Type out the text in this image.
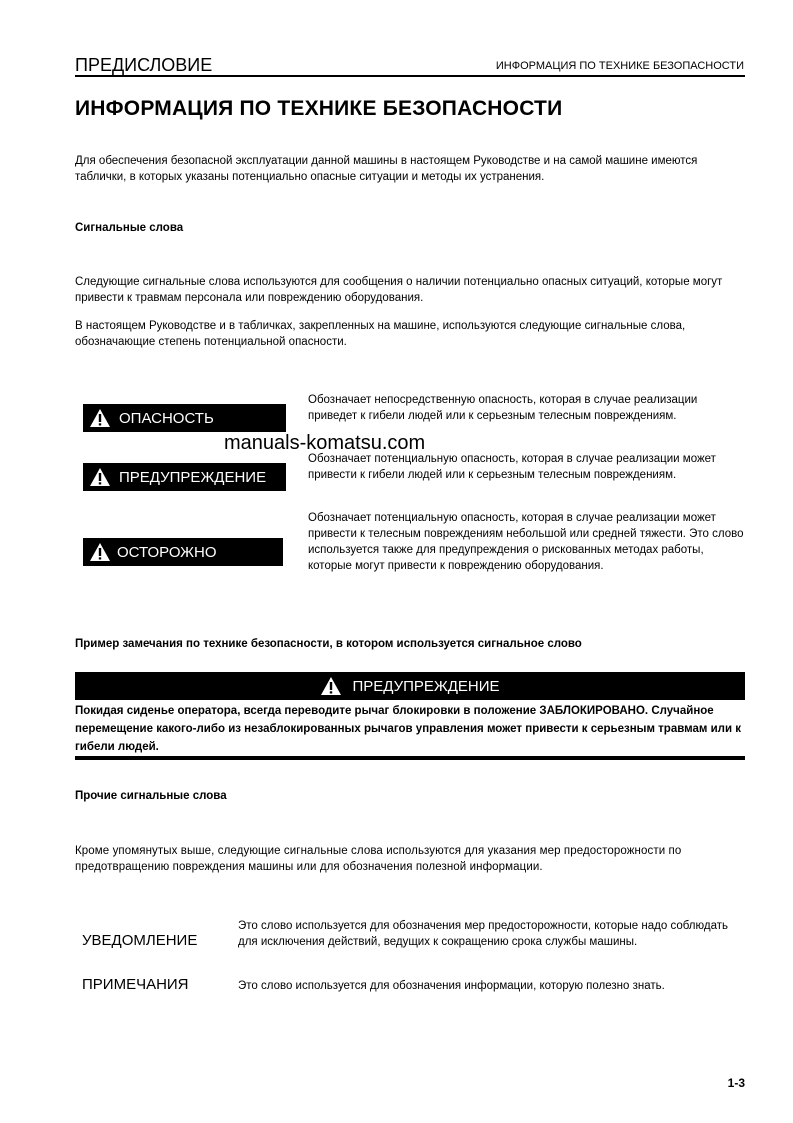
ПРЕДИСЛОВИЕ	ИНФОРМАЦИЯ ПО ТЕХНИКЕ БЕЗОПАСНОСТИ
ИНФОРМАЦИЯ ПО ТЕХНИКЕ БЕЗОПАСНОСТИ
Для обеспечения безопасной эксплуатации данной машины в настоящем Руководстве и на самой машине имеются таблички, в которых указаны потенциально опасные ситуации и методы их устранения.
Сигнальные слова
Следующие сигнальные слова используются для сообщения о наличии потенциально опасных ситуаций, которые могут привести к травмам персонала или повреждению оборудования.
В настоящем Руководстве и в табличках, закрепленных на машине, используются следующие сигнальные слова, обозначающие степень потенциальной опасности.
ОПАСНОСТЬ
Обозначает непосредственную опасность, которая в случае реализации приведет к гибели людей или к серьезным телесным повреждениям.
manuals-komatsu.com
ПРЕДУПРЕЖДЕНИЕ
Обозначает потенциальную опасность, которая в случае реализации может привести к гибели людей или к серьезным телесным повреждениям.
ОСТОРОЖНО
Обозначает потенциальную опасность, которая в случае реализации может привести к телесным повреждениям небольшой или средней тяжести. Это слово используется также для предупреждения о рискованных методах работы, которые могут привести к повреждению оборудования.
Пример замечания по технике безопасности, в котором используется сигнальное слово
ПРЕДУПРЕЖДЕНИЕ
Покидая сиденье оператора, всегда переводите рычаг блокировки в положение ЗАБЛОКИРОВАНО. Случайное перемещение какого-либо из незаблокированных рычагов управления может привести к серьезным травмам или к гибели людей.
Прочие сигнальные слова
Кроме упомянутых выше, следующие сигнальные слова используются для указания мер предосторожности по предотвращению повреждения машины или для обозначения полезной информации.
УВЕДОМЛЕНИЕ
Это слово используется для обозначения мер предосторожности, которые надо соблюдать для исключения действий, ведущих к сокращению срока службы машины.
ПРИМЕЧАНИЯ	Это слово используется для обозначения информации, которую полезно знать.
1-3
